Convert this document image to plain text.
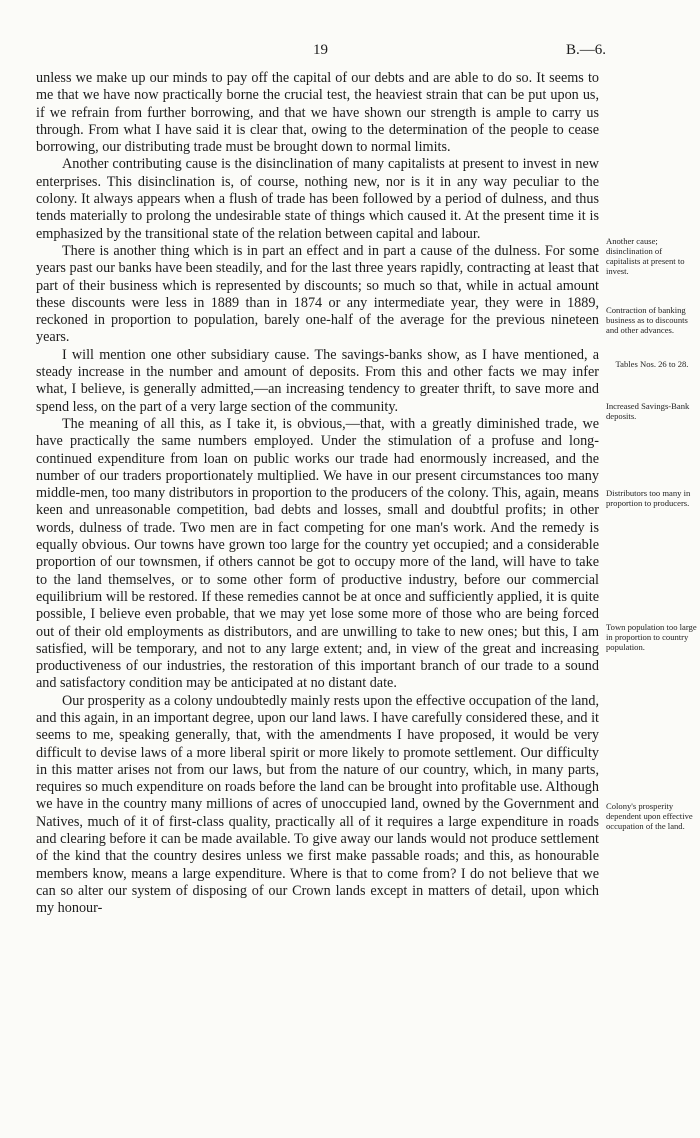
19	B.—6.

unless we make up our minds to pay off the capital of our debts and are able to do so. It seems to me that we have now practically borne the crucial test, the heaviest strain that can be put upon us, if we refrain from further borrowing, and that we have shown our strength is ample to carry us through. From what I have said it is clear that, owing to the determination of the people to cease borrowing, our distributing trade must be brought down to normal limits.

Another contributing cause is the disinclination of many capitalists at present to invest in new enterprises. This disinclination is, of course, nothing new, nor is it in any way peculiar to the colony. It always appears when a flush of trade has been followed by a period of dulness, and thus tends materially to prolong the undesirable state of things which caused it. At the present time it is emphasized by the transitional state of the relation between capital and labour.

There is another thing which is in part an effect and in part a cause of the dulness. For some years past our banks have been steadily, and for the last three years rapidly, contracting at least that part of their business which is represented by discounts; so much so that, while in actual amount these discounts were less in 1889 than in 1874 or any intermediate year, they were in 1889, reckoned in proportion to population, barely one-half of the average for the previous nineteen years.

I will mention one other subsidiary cause. The savings-banks show, as I have mentioned, a steady increase in the number and amount of deposits. From this and other facts we may infer what, I believe, is generally admitted,—an increasing tendency to greater thrift, to save more and spend less, on the part of a very large section of the community.

The meaning of all this, as I take it, is obvious,—that, with a greatly diminished trade, we have practically the same numbers employed. Under the stimulation of a profuse and long-continued expenditure from loan on public works our trade had enormously increased, and the number of our traders proportionately multiplied. We have in our present circumstances too many middle-men, too many distributors in proportion to the producers of the colony. This, again, means keen and unreasonable competition, bad debts and losses, small and doubtful profits; in other words, dulness of trade. Two men are in fact competing for one man's work. And the remedy is equally obvious. Our towns have grown too large for the country yet occupied; and a considerable proportion of our townsmen, if others cannot be got to occupy more of the land, will have to take to the land themselves, or to some other form of productive industry, before our commercial equilibrium will be restored. If these remedies cannot be at once and sufficiently applied, it is quite possible, I believe even probable, that we may yet lose some more of those who are being forced out of their old employments as distributors, and are unwilling to take to new ones; but this, I am satisfied, will be temporary, and not to any large extent; and, in view of the great and increasing productiveness of our industries, the restoration of this important branch of our trade to a sound and satisfactory condition may be anticipated at no distant date.

Our prosperity as a colony undoubtedly mainly rests upon the effective occupation of the land, and this again, in an important degree, upon our land laws. I have carefully considered these, and it seems to me, speaking generally, that, with the amendments I have proposed, it would be very difficult to devise laws of a more liberal spirit or more likely to promote settlement. Our difficulty in this matter arises not from our laws, but from the nature of our country, which, in many parts, requires so much expenditure on roads before the land can be brought into profitable use. Although we have in the country many millions of acres of unoccupied land, owned by the Government and Natives, much of it of first-class quality, practically all of it requires a large expenditure in roads and clearing before it can be made available. To give away our lands would not produce settlement of the kind that the country desires unless we first make passable roads; and this, as honourable members know, means a large expenditure. Where is that to come from? I do not believe that we can so alter our system of disposing of our Crown lands except in matters of detail, upon which my honour-

Another cause; disinclination of capitalists at present to invest.
Contraction of banking business as to discounts and other advances.
Tables Nos. 26 to 28.
Increased Savings-Bank deposits.
Distributors too many in proportion to producers.
Town population too large in proportion to country population.
Colony's prosperity dependent upon effective occupation of the land.
